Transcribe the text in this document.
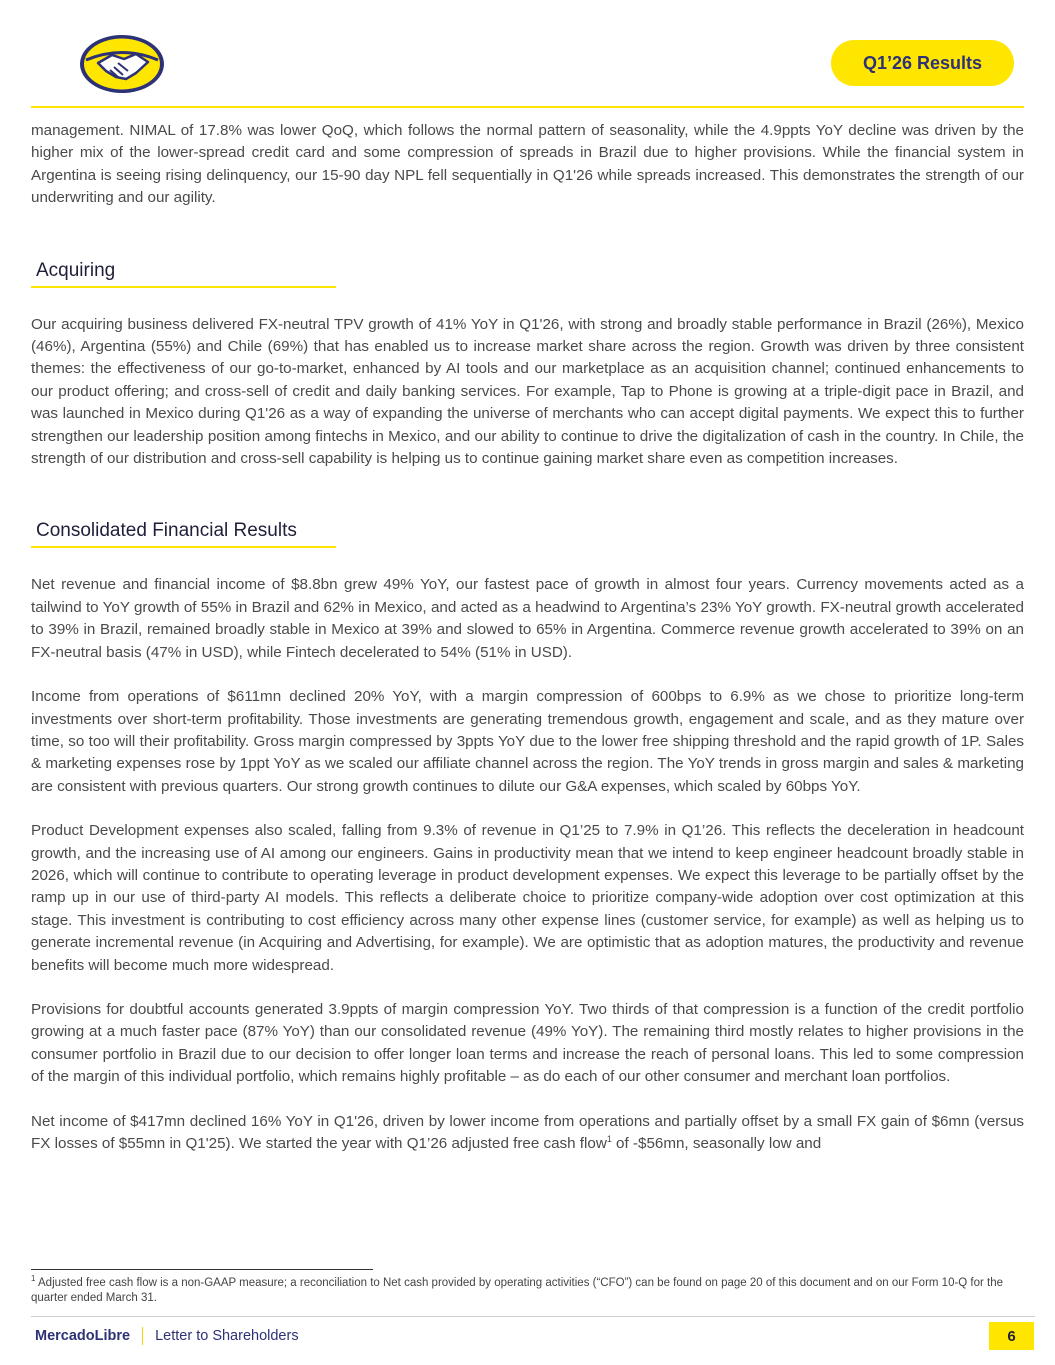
Q1’26 Results

management. NIMAL of 17.8% was lower QoQ, which follows the normal pattern of seasonality, while the 4.9ppts YoY decline was driven by the higher mix of the lower-spread credit card and some compression of spreads in Brazil due to higher provisions. While the financial system in Argentina is seeing rising delinquency, our 15-90 day NPL fell sequentially in Q1'26 while spreads increased. This demonstrates the strength of our underwriting and our agility.

Acquiring

Our acquiring business delivered FX-neutral TPV growth of 41% YoY in Q1'26, with strong and broadly stable performance in Brazil (26%), Mexico (46%), Argentina (55%) and Chile (69%) that has enabled us to increase market share across the region. Growth was driven by three consistent themes: the effectiveness of our go-to-market, enhanced by AI tools and our marketplace as an acquisition channel; continued enhancements to our product offering; and cross-sell of credit and daily banking services. For example, Tap to Phone is growing at a triple-digit pace in Brazil, and was launched in Mexico during Q1'26 as a way of expanding the universe of merchants who can accept digital payments. We expect this to further strengthen our leadership position among fintechs in Mexico, and our ability to continue to drive the digitalization of cash in the country. In Chile, the strength of our distribution and cross-sell capability is helping us to continue gaining market share even as competition increases.

Consolidated Financial Results

Net revenue and financial income of $8.8bn grew 49% YoY, our fastest pace of growth in almost four years. Currency movements acted as a tailwind to YoY growth of 55% in Brazil and 62% in Mexico, and acted as a headwind to Argentina’s 23% YoY growth. FX-neutral growth accelerated to 39% in Brazil, remained broadly stable in Mexico at 39% and slowed to 65% in Argentina. Commerce revenue growth accelerated to 39% on an FX-neutral basis (47% in USD), while Fintech decelerated to 54% (51% in USD).

Income from operations of $611mn declined 20% YoY, with a margin compression of 600bps to 6.9% as we chose to prioritize long-term investments over short-term profitability. Those investments are generating tremendous growth, engagement and scale, and as they mature over time, so too will their profitability. Gross margin compressed by 3ppts YoY due to the lower free shipping threshold and the rapid growth of 1P. Sales & marketing expenses rose by 1ppt YoY as we scaled our affiliate channel across the region. The YoY trends in gross margin and sales & marketing are consistent with previous quarters. Our strong growth continues to dilute our G&A expenses, which scaled by 60bps YoY.

Product Development expenses also scaled, falling from 9.3% of revenue in Q1’25 to 7.9% in Q1’26. This reflects the deceleration in headcount growth, and the increasing use of AI among our engineers. Gains in productivity mean that we intend to keep engineer headcount broadly stable in 2026, which will continue to contribute to operating leverage in product development expenses. We expect this leverage to be partially offset by the ramp up in our use of third-party AI models. This reflects a deliberate choice to prioritize company-wide adoption over cost optimization at this stage. This investment is contributing to cost efficiency across many other expense lines (customer service, for example) as well as helping us to generate incremental revenue (in Acquiring and Advertising, for example). We are optimistic that as adoption matures, the productivity and revenue benefits will become much more widespread.

Provisions for doubtful accounts generated 3.9ppts of margin compression YoY. Two thirds of that compression is a function of the credit portfolio growing at a much faster pace (87% YoY) than our consolidated revenue (49% YoY). The remaining third mostly relates to higher provisions in the consumer portfolio in Brazil due to our decision to offer longer loan terms and increase the reach of personal loans. This led to some compression of the margin of this individual portfolio, which remains highly profitable – as do each of our other consumer and merchant loan portfolios.

Net income of $417mn declined 16% YoY in Q1'26, driven by lower income from operations and partially offset by a small FX gain of $6mn (versus FX losses of $55mn in Q1'25). We started the year with Q1’26 adjusted free cash flow$^1$ of -$56mn, seasonally low and

$^1$ Adjusted free cash flow is a non-GAAP measure; a reconciliation to Net cash provided by operating activities (“CFO”) can be found on page 20 of this document and on our Form 10-Q for the quarter ended March 31.
MercadoLibre Letter to Shareholders	6
